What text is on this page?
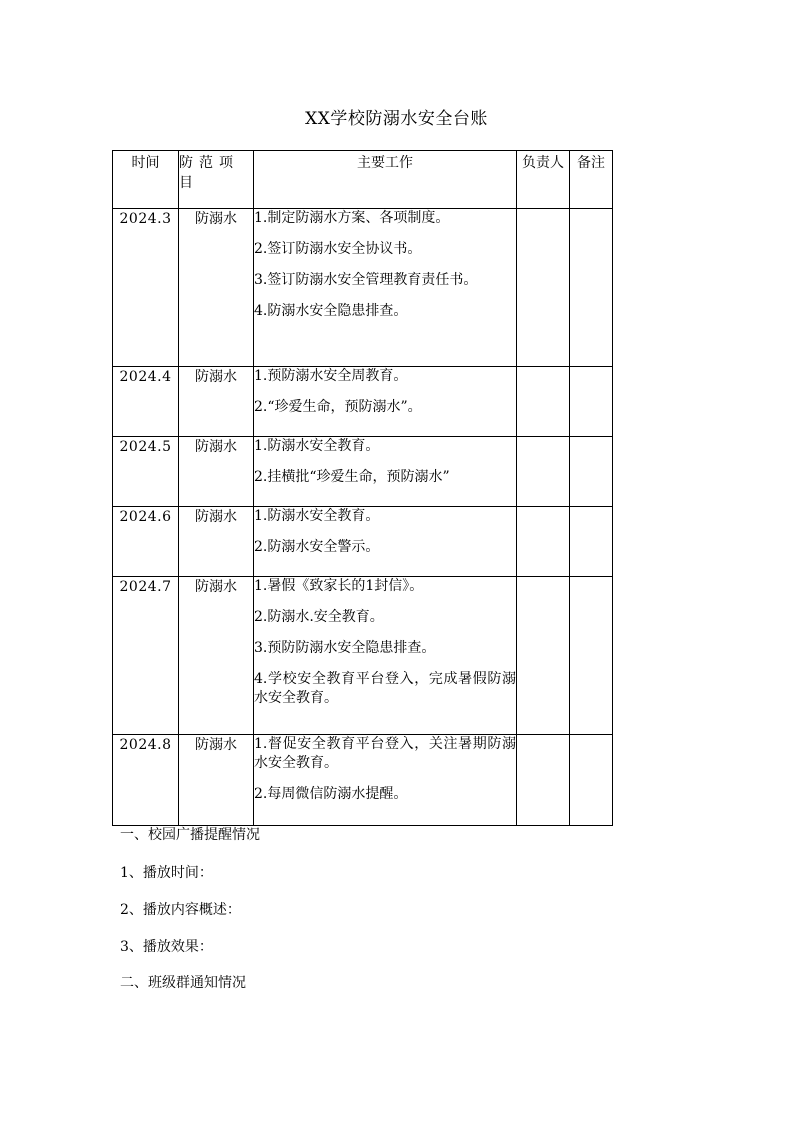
XX学校防溺水安全台账
时间	防范项目	主要工作	负责人	备注
2024.3	防溺水	1.制定防溺水方案、各项制度。
2.签订防溺水安全协议书。
3.签订防溺水安全管理教育责任书。
4.防溺水安全隐患排查。		

2024.4	防溺水	1.预防溺水安全周教育。
2.“珍爱生命，预防溺水”。		

2024.5	防溺水	1.防溺水安全教育。
2.挂横批“珍爱生命，预防溺水”		

2024.6	防溺水	1.防溺水安全教育。
2.防溺水安全警示。		

2024.7	防溺水	1.暑假《致家长的1封信》。
2.防溺水.安全教育。
3.预防防溺水安全隐患排查。
4.学校安全教育平台登入，完成暑假防溺水安全教育。		

2024.8	防溺水	1.督促安全教育平台登入，关注暑期防溺水安全教育。
2.每周微信防溺水提醒。		

一、校园广播提醒情况
1、播放时间：
2、播放内容概述：
3、播放效果：
二、班级群通知情况
